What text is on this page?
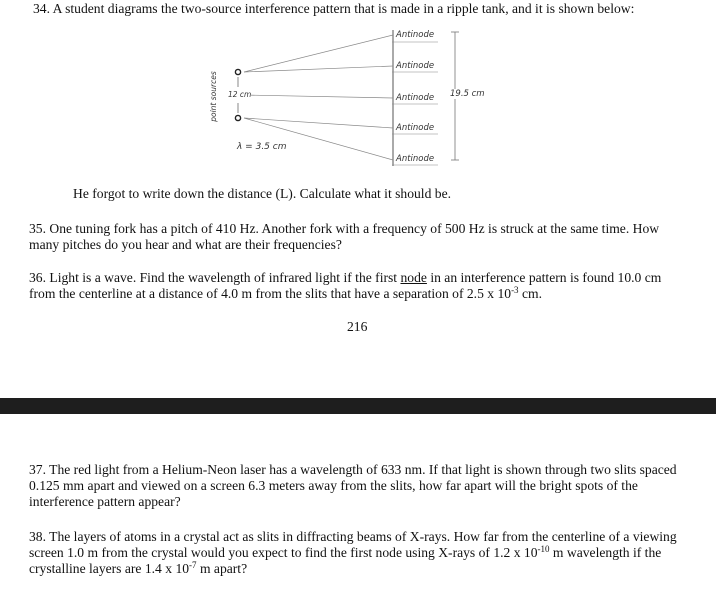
34. A student diagrams the two-source interference pattern that is made in a ripple tank, and it is shown below:

Antinode
Antinode
Antinode
Antinode
Antinode
19.5 cm
12 cm
point sources
λ = 3.5 cm

He forgot to write down the distance (L). Calculate what it should be.

35. One tuning fork has a pitch of 410 Hz. Another fork with a frequency of 500 Hz is struck at the same time. How many pitches do you hear and what are their frequencies?

36. Light is a wave. Find the wavelength of infrared light if the first node in an interference pattern is found 10.0 cm from the centerline at a distance of 4.0 m from the slits that have a separation of 2.5 x $10^{-3}$ cm.

216

37. The red light from a Helium-Neon laser has a wavelength of 633 nm. If that light is shown through two slits spaced 0.125 mm apart and viewed on a screen 6.3 meters away from the slits, how far apart will the bright spots of the interference pattern appear?

38. The layers of atoms in a crystal act as slits in diffracting beams of X-rays. How far from the centerline of a viewing screen 1.0 m from the crystal would you expect to find the first node using X-rays of 1.2 x $10^{-10}$ m wavelength if the crystalline layers are 1.4 x $10^{-7}$ m apart?
